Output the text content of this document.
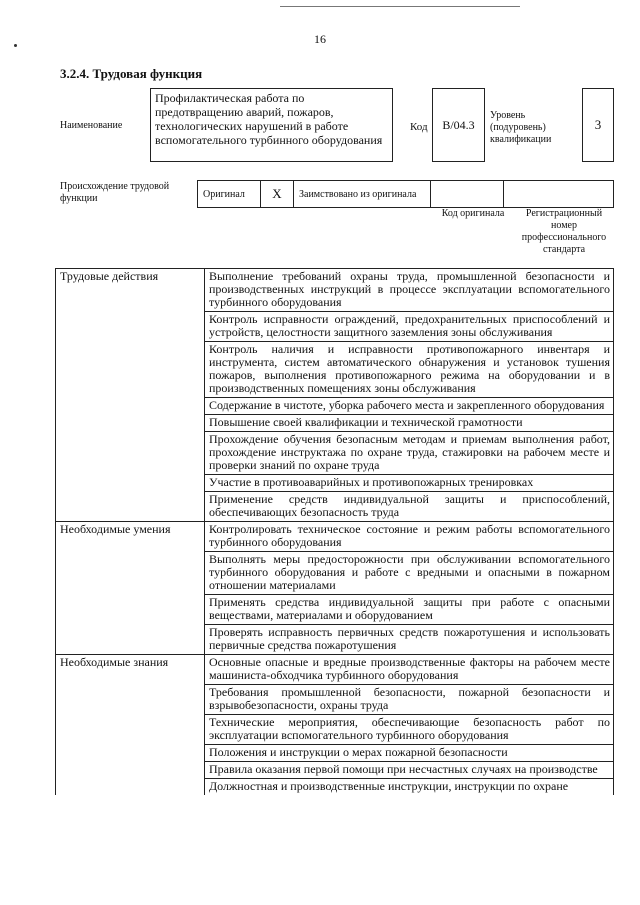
16
3.2.4. Трудовая функция
Наименование
Профилактическая работа по предотвращению аварий, пожаров, технологических нарушений в работе вспомогательного турбинного оборудования
Код	B/04.3
Уровень (подуровень) квалификации
3
Происхождение трудовой функции	Оригинал	X	Заимствовано из оригинала		
Код оригинала	Регистрационный номер профессионального стандарта
Трудовые действия	Выполнение требований охраны труда, промышленной безопасности и производственных инструкций в процессе эксплуатации вспомогательного турбинного оборудования
	Контроль исправности ограждений, предохранительных приспособлений и устройств, целостности защитного заземления зоны обслуживания
	Контроль наличия и исправности противопожарного инвентаря и инструмента, систем автоматического обнаружения и установок тушения пожаров, выполнения противопожарного режима на оборудовании и в производственных помещениях зоны обслуживания
	Содержание в чистоте, уборка рабочего места и закрепленного оборудования
	Повышение своей квалификации и технической грамотности
	Прохождение обучения безопасным методам и приемам выполнения работ, прохождение инструктажа по охране труда, стажировки на рабочем месте и проверки знаний по охране труда
	Участие в противоаварийных и противопожарных тренировках
	Применение средств индивидуальной защиты и приспособлений, обеспечивающих безопасность труда
Необходимые умения	Контролировать техническое состояние и режим работы вспомогательного турбинного оборудования
	Выполнять меры предосторожности при обслуживании вспомогательного турбинного оборудования и работе с вредными и опасными в пожарном отношении материалами
	Применять средства индивидуальной защиты при работе с опасными веществами, материалами и оборудованием
	Проверять исправность первичных средств пожаротушения и использовать первичные средства пожаротушения
Необходимые знания	Основные опасные и вредные производственные факторы на рабочем месте машиниста-обходчика турбинного оборудования
	Требования промышленной безопасности, пожарной безопасности и взрывобезопасности, охраны труда
	Технические мероприятия, обеспечивающие безопасность работ по эксплуатации вспомогательного турбинного оборудования
	Положения и инструкции о мерах пожарной безопасности
	Правила оказания первой помощи при несчастных случаях на производстве
	Должностная и производственные инструкции, инструкции по охране
